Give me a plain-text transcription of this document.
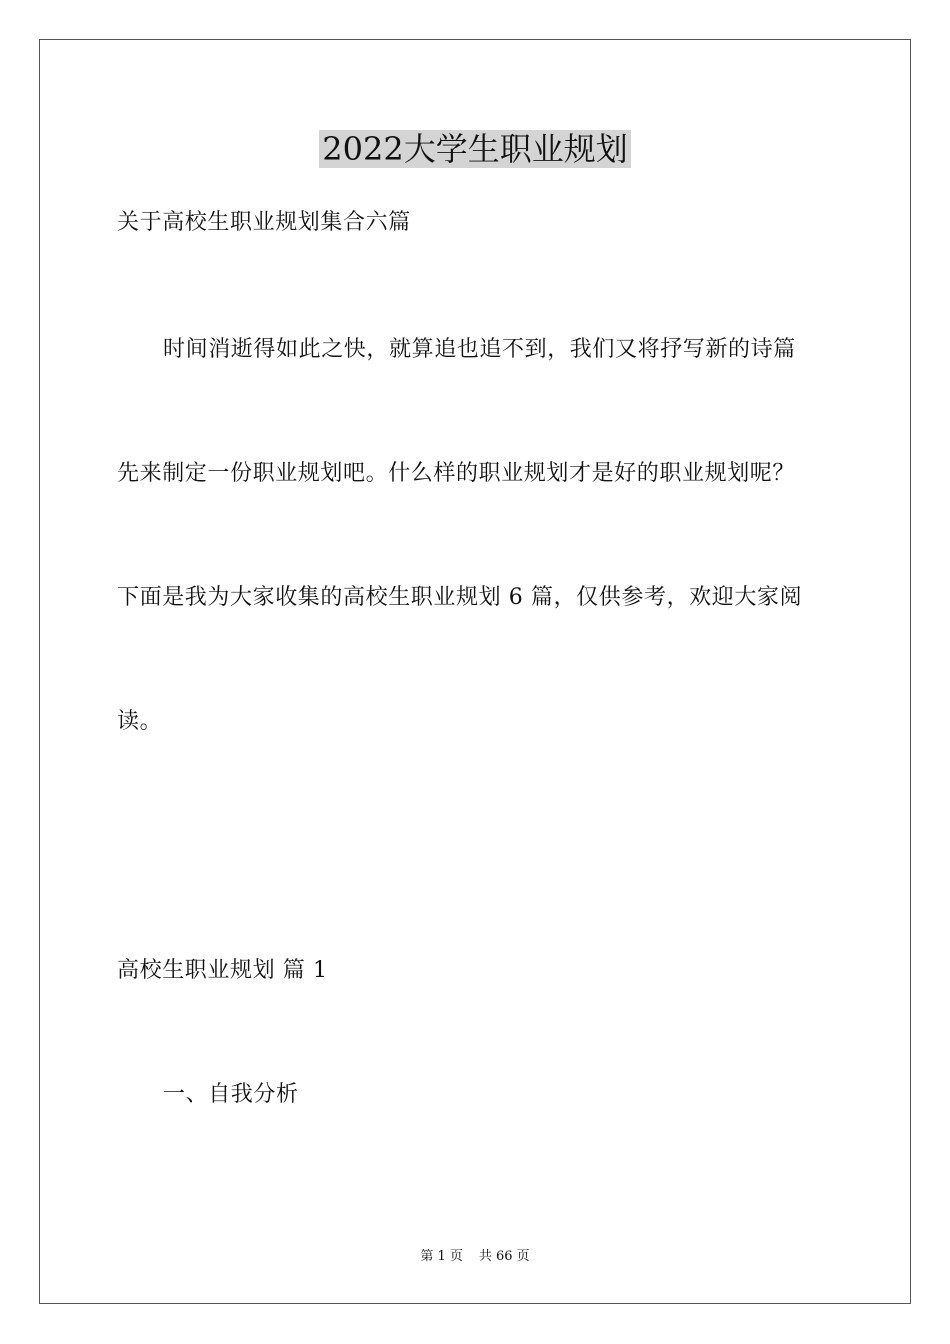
2022大学生职业规划
关于高校生职业规划集合六篇
时间消逝得如此之快，就算追也追不到，我们又将抒写新的诗篇
先来制定一份职业规划吧。什么样的职业规划才是好的职业规划呢？
下面是我为大家收集的高校生职业规划 6 篇，仅供参考，欢迎大家阅
读。
高校生职业规划 篇 1
一、自我分析
第 1 页 共 66 页
